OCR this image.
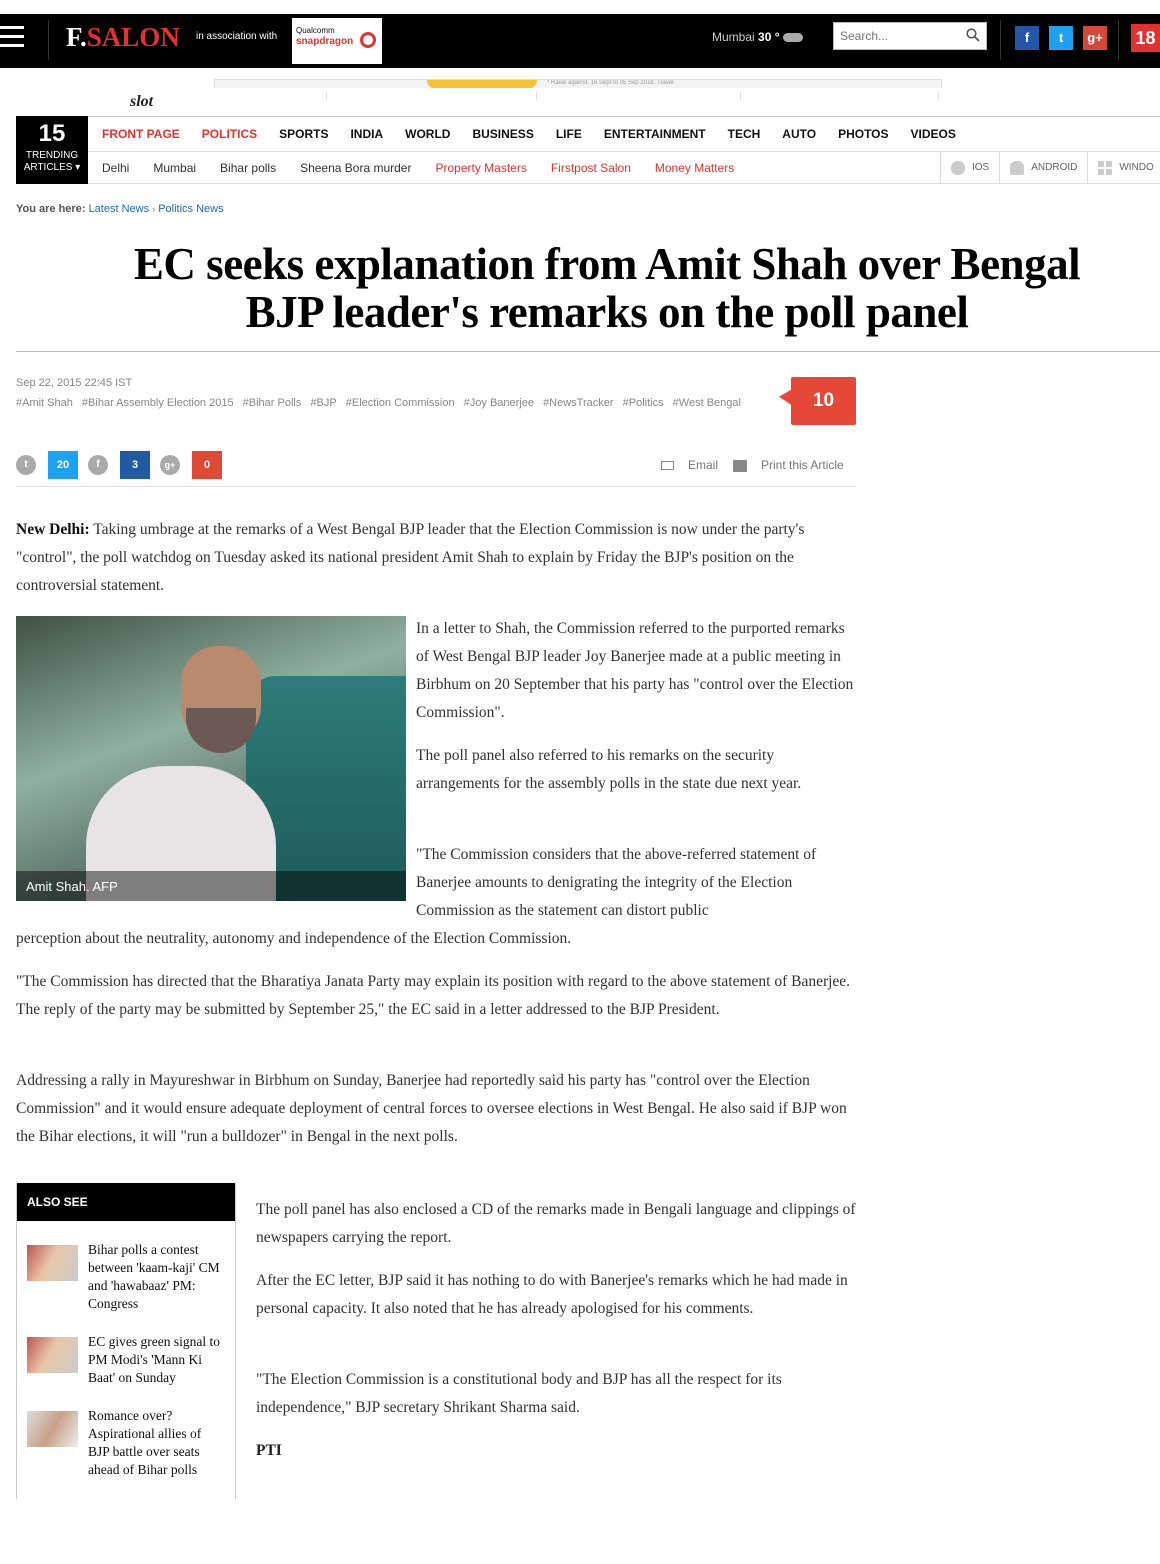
F.SALON in association with
Qualcomm
snapdragon	Mumbai 30 °
Search...	f	t	g+ 18
* Raise against. 16 Sept to 05 Sep 2016. Travel
slot
15
TRENDING
ARTICLES ▾
FRONT PAGE	POLITICS	SPORTS	INDIA	WORLD	BUSINESS	LIFE	ENTERTAINMENT	TECH	AUTO	PHOTOS	VIDEOS
Delhi	Mumbai	Bihar polls	Sheena Bora murder	Property Masters	Firstpost Salon	Money Matters	IOS	ANDROID	WINDO
You are here: Latest News › Politics News
EC seeks explanation from Amit Shah over Bengal
BJP leader's remarks on the poll panel
Sep 22, 2015 22:45 IST
#Amit Shah #Bihar Assembly Election 2015 #Bihar Polls #BJP #Election Commission #Joy Banerjee #NewsTracker #Politics #West Bengal	10
t	20	f	3	g+	0	Email	Print this Article

New Delhi: Taking umbrage at the remarks of a West Bengal BJP leader that the Election Commission is now under the party's "control", the poll watchdog on Tuesday asked its national president Amit Shah to explain by Friday the BJP's position on the controversial statement.

Amit Shah. AFP

In a letter to Shah, the Commission referred to the purported remarks of West Bengal BJP leader Joy Banerjee made at a public meeting in Birbhum on 20 September that his party has "control over the Election Commission".

The poll panel also referred to his remarks on the security arrangements for the assembly polls in the state due next year.

"The Commission considers that the above-referred statement of Banerjee amounts to denigrating the integrity of the Election Commission as the statement can distort public

perception about the neutrality, autonomy and independence of the Election Commission.

"The Commission has directed that the Bharatiya Janata Party may explain its position with regard to the above statement of Banerjee. The reply of the party may be submitted by September 25," the EC said in a letter addressed to the BJP President.

Addressing a rally in Mayureshwar in Birbhum on Sunday, Banerjee had reportedly said his party has "control over the Election Commission" and it would ensure adequate deployment of central forces to oversee elections in West Bengal. He also said if BJP won the Bihar elections, it will "run a bulldozer" in Bengal in the next polls.

ALSO SEE
Bihar polls a contest between 'kaam-kaji' CM and 'hawabaaz' PM: Congress
EC gives green signal to PM Modi's 'Mann Ki Baat' on Sunday
Romance over? Aspirational allies of BJP battle over seats ahead of Bihar polls

The poll panel has also enclosed a CD of the remarks made in Bengali language and clippings of newspapers carrying the report.

After the EC letter, BJP said it has nothing to do with Banerjee's remarks which he had made in personal capacity. It also noted that he has already apologised for his comments.

"The Election Commission is a constitutional body and BJP has all the respect for its independence," BJP secretary Shrikant Sharma said.

PTI
